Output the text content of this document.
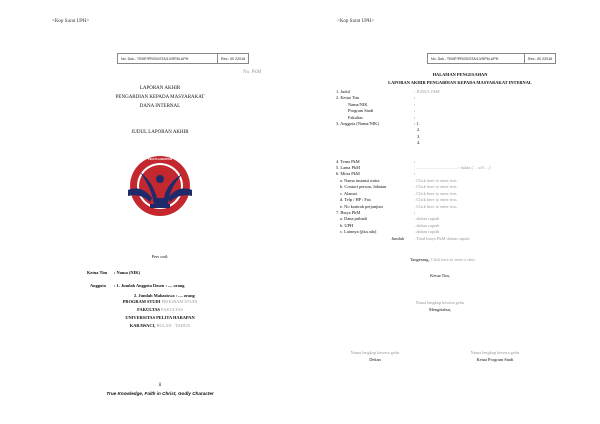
<Kop Surat UPH>
No. Dok.: TEMF/PROD/STA/13/SPM-UPH	Rev.: 00 22016
No. PkM
LAPORAN AKHIR
PENGABDIAN KEPADA MASYARAKAT
DANA INTERNAL
JUDUL LAPORAN AKHIR
PELITA HARAPAN
Pers onil:
Ketua Tim : Nama (NIK)
Anggota : 1. Jumlah Anggota Dosen : .... orang
2. Jumlah Mahasiswa : .... orang
PROGRAM STUDI PROGRAM STUDI
FAKULTAS FAKULTAS
UNIVERSITAS PELITA HARAPAN
KARAWACI, BULAN - TAHUN
ii
True Knowledge, Faith in Christ, Godly Character
<Kop Surat UPH>
No. Dok.: TEMF/PROD/STA/13/SPM-UPH	Rev.: 00 22016
HALAMAN PENGESAHAN
LAPORAN AKHIR PENGABDIAN KEPADA MASYARAKAT INTERNAL
1. Judul	: JUDUL PkM
2. Ketua Tim	:
Nama/NIK	:
Program Studi	:
Fakultas	:
3. Anggota (Nama/NIK)	: 1.
2.
3.
4.
4. Tema PkM	:
5. Lama PkM	: ......................................- bulan (… s/d …)
6. Mitra PkM	:
a. Nama instansi mitra	: Click here to enter text.
b. Contact person, Jabatan	: Click here to enter text.
c. Alamat	: Click here to enter text.
d. Telp / HP / Fax	: Click here to enter text.
e. No kontrak perjanjian	: Click here to enter text.
7. Biaya PkM	:
a. Dana pribadi	: dalam rupiah
b. UPH	: dalam rupiah
c. Lainnya (jika ada)	: dalam rupiah
Jumlah	: Total biaya PkM dalam rupiah
Tangerang, Click here to enter a date.
Ketua Tim,
Nama lengkap beserta gelar
Mengetahui,
Nama lengkap beserta gelar
Dekan
Nama lengkap beserta gelar
Ketua Program Studi
